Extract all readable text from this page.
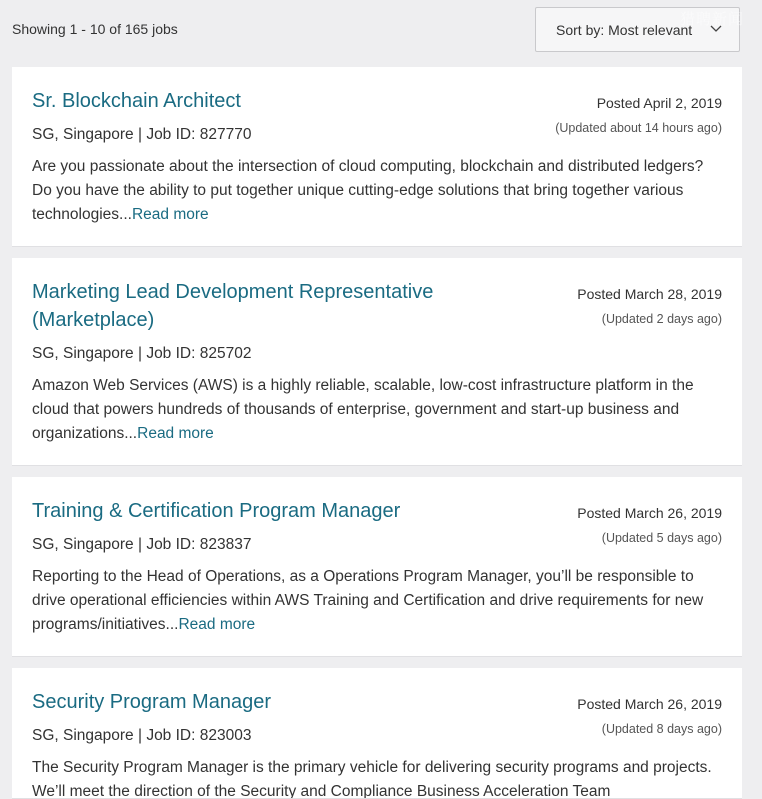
Showing 1 - 10 of 165 jobs	Sort by: Most relevant
猎聘新闻
Sr. Blockchain Architect	Posted April 2, 2019
(Updated about 14 hours ago)
SG, Singapore | Job ID: 827770
Are you passionate about the intersection of cloud computing, blockchain and distributed ledgers? Do you have the ability to put together unique cutting-edge solutions that bring together various technologies...Read more
Marketing Lead Development Representative (Marketplace)
Posted March 28, 2019
(Updated 2 days ago)
SG, Singapore | Job ID: 825702
Amazon Web Services (AWS) is a highly reliable, scalable, low-cost infrastructure platform in the cloud that powers hundreds of thousands of enterprise, government and start-up business and organizations...Read more
Training & Certification Program Manager	Posted March 26, 2019
(Updated 5 days ago)
SG, Singapore | Job ID: 823837
Reporting to the Head of Operations, as a Operations Program Manager, you’ll be responsible to drive operational efficiencies within AWS Training and Certification and drive requirements for new programs/initiatives...Read more
Security Program Manager	Posted March 26, 2019
(Updated 8 days ago)
SG, Singapore | Job ID: 823003
The Security Program Manager is the primary vehicle for delivering security programs and projects. We’ll meet the direction of the Security and Compliance Business Acceleration Team
